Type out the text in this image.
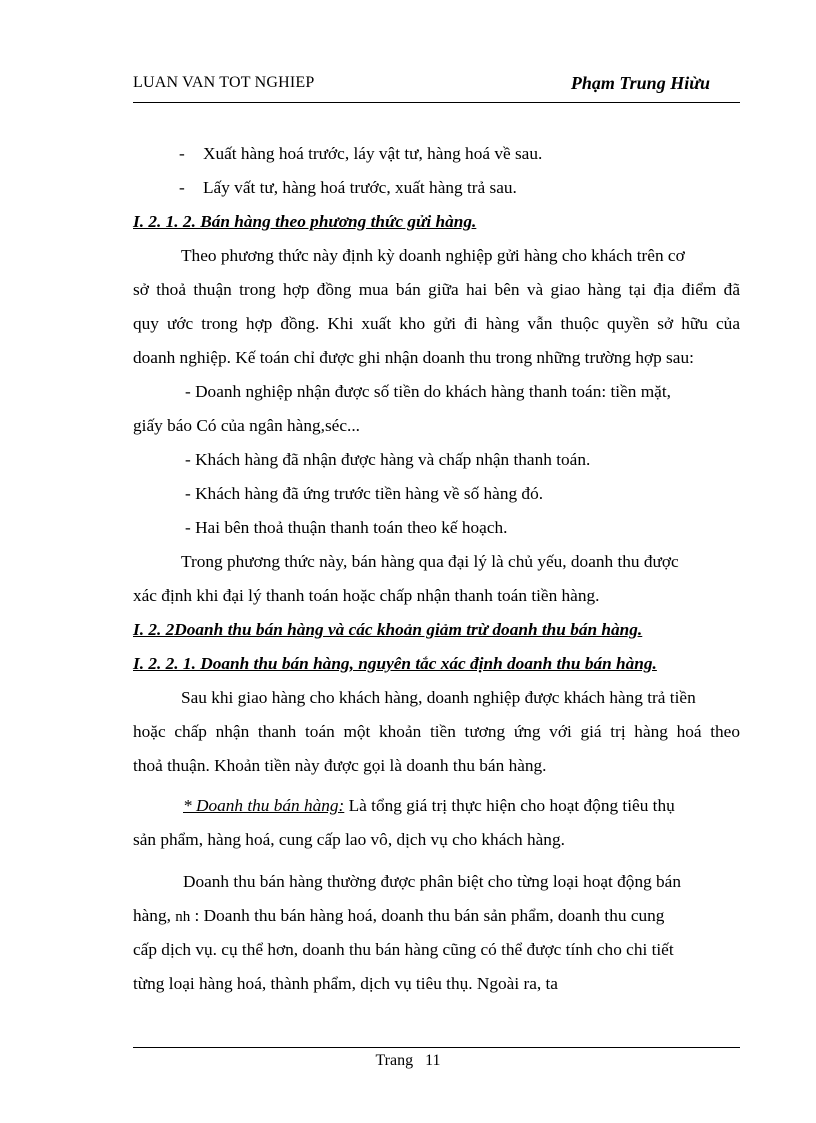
LUAN VAN TOT NGHIEP	Phạm Trung Hiừu
- Xuất hàng hoá trước, láy vật tư, hàng hoá về sau.
- Lấy vất tư, hàng hoá trước, xuất hàng trả sau.
I. 2. 1. 2. Bán hàng theo phương thức gửi hàng.
Theo phương thức này định kỳ doanh nghiệp gửi hàng cho khách trên cơ
sở thoả thuận trong hợp đồng mua bán giữa hai bên và giao hàng tại địa điểm đã
quy ước trong hợp đồng. Khi xuất kho gửi đi hàng vẫn thuộc quyền sở hữu của
doanh nghiệp. Kế toán chỉ được ghi nhận doanh thu trong những trường hợp sau:
- Doanh nghiệp nhận được số tiền do khách hàng thanh toán: tiền mặt,
giấy báo Có của ngân hàng,séc...
- Khách hàng đã nhận được hàng và chấp nhận thanh toán.
- Khách hàng đã ứng trước tiền hàng về số hàng đó.
- Hai bên thoả thuận thanh toán theo kế hoạch.
Trong phương thức này, bán hàng qua đại lý là chủ yếu, doanh thu được
xác định khi đại lý thanh toán hoặc chấp nhận thanh toán tiền hàng.
I. 2. 2Doanh thu bán hàng và các khoản giảm trừ doanh thu bán hàng.
I. 2. 2. 1. Doanh thu bán hàng, nguyên tắc xác định doanh thu bán hàng.
Sau khi giao hàng cho khách hàng, doanh nghiệp được khách hàng trả tiền
hoặc chấp nhận thanh toán một khoản tiền tương ứng với giá trị hàng hoá theo
thoả thuận. Khoản tiền này được gọi là doanh thu bán hàng.
* Doanh thu bán hàng: Là tổng giá trị thực hiện cho hoạt động tiêu thụ
sản phẩm, hàng hoá, cung cấp lao vô, dịch vụ cho khách hàng.
Doanh thu bán hàng thường được phân biệt cho từng loại hoạt động bán
hàng, nh : Doanh thu bán hàng hoá, doanh thu bán sản phẩm, doanh thu cung
cấp dịch vụ. cụ thể hơn, doanh thu bán hàng cũng có thể được tính cho chi tiết
từng loại hàng hoá, thành phẩm, dịch vụ tiêu thụ. Ngoài ra, ta
Trang 11
